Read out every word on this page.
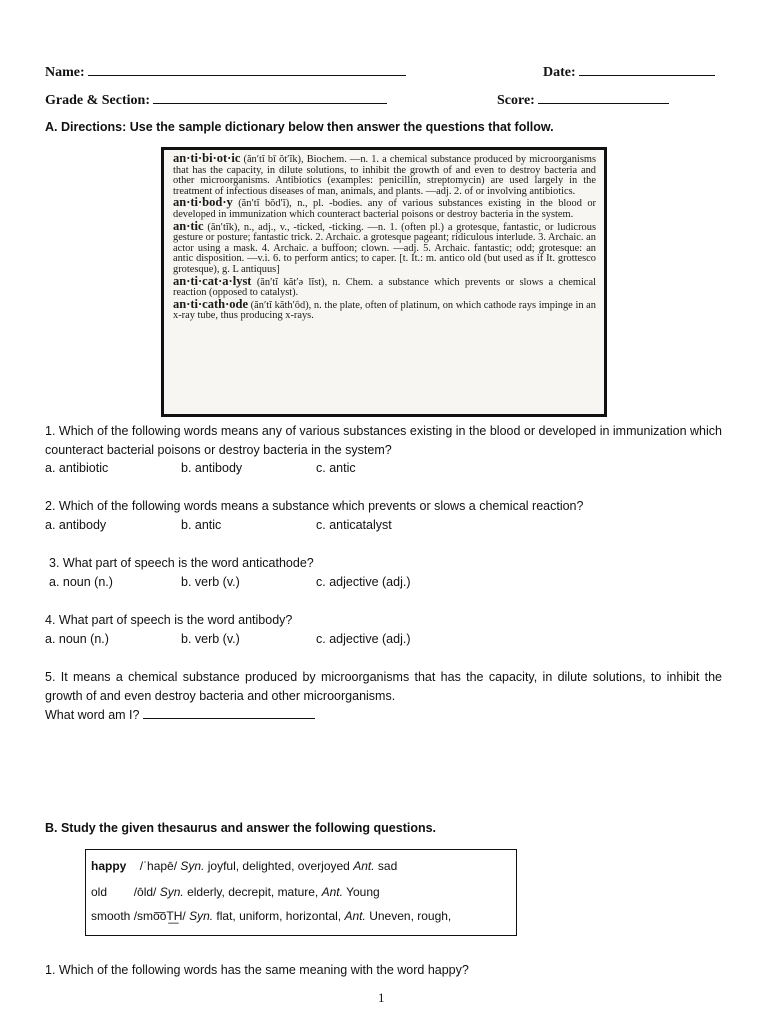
Name:	Date:
Grade & Section:	Score:
A. Directions: Use the sample dictionary below then answer the questions that follow.

an·ti·bi·ot·ic (ăn′tĭ bī ŏt′ĭk), Biochem. —n. 1. a chemical substance produced by microorganisms that has the capacity, in dilute solutions, to inhibit the growth of and even to destroy bacteria and other microorganisms. Antibiotics (examples: penicillin, streptomycin) are used largely in the treatment of infectious diseases of man, animals, and plants. —adj. 2. of or involving antibiotics.

an·ti·bod·y (ăn′tĭ bŏd′ĭ), n., pl. -bodies. any of various substances existing in the blood or developed in immunization which counteract bacterial poisons or destroy bacteria in the system.

an·tic (ăn′tĭk), n., adj., v., -ticked, -ticking. —n. 1. (often pl.) a grotesque, fantastic, or ludicrous gesture or posture; fantastic trick. 2. Archaic. a grotesque pageant; ridiculous interlude. 3. Archaic. an actor using a mask. 4. Archaic. a buffoon; clown. —adj. 5. Archaic. fantastic; odd; grotesque: an antic disposition. —v.i. 6. to perform antics; to caper. [t. It.: m. antico old (but used as if It. grottesco grotesque), g. L antiquus]

an·ti·cat·a·lyst (ăn′tĭ kăt′ə lĭst), n. Chem. a substance which prevents or slows a chemical reaction (opposed to catalyst).

an·ti·cath·ode (ăn′tĭ kăth′ōd), n. the plate, often of platinum, on which cathode rays impinge in an x-ray tube, thus producing x-rays.

1. Which of the following words means any of various substances existing in the blood or developed in immunization which counteract bacterial poisons or destroy bacteria in the system?
a. antibiotic	b. antibody	c. antic
2. Which of the following words means a substance which prevents or slows a chemical reaction?
a. antibody	b. antic	c. anticatalyst
3. What part of speech is the word anticathode?
a. noun (n.)	b. verb (v.)	c. adjective (adj.)
4. What part of speech is the word antibody?
a. noun (n.)	b. verb (v.)	c. adjective (adj.)
5. It means a chemical substance produced by microorganisms that has the capacity, in dilute solutions, to inhibit the growth of and even destroy bacteria and other microorganisms.
What word am I?
B. Study the given thesaurus and answer the following questions.
happy /ˈhapē/ Syn. joyful, delighted, overjoyed Ant. sad
old /ōld/ Syn. elderly, decrepit, mature, Ant. Young
smooth /smo͞oT͟H/ Syn. flat, uniform, horizontal, Ant. Uneven, rough,
1. Which of the following words has the same meaning with the word happy?
1
